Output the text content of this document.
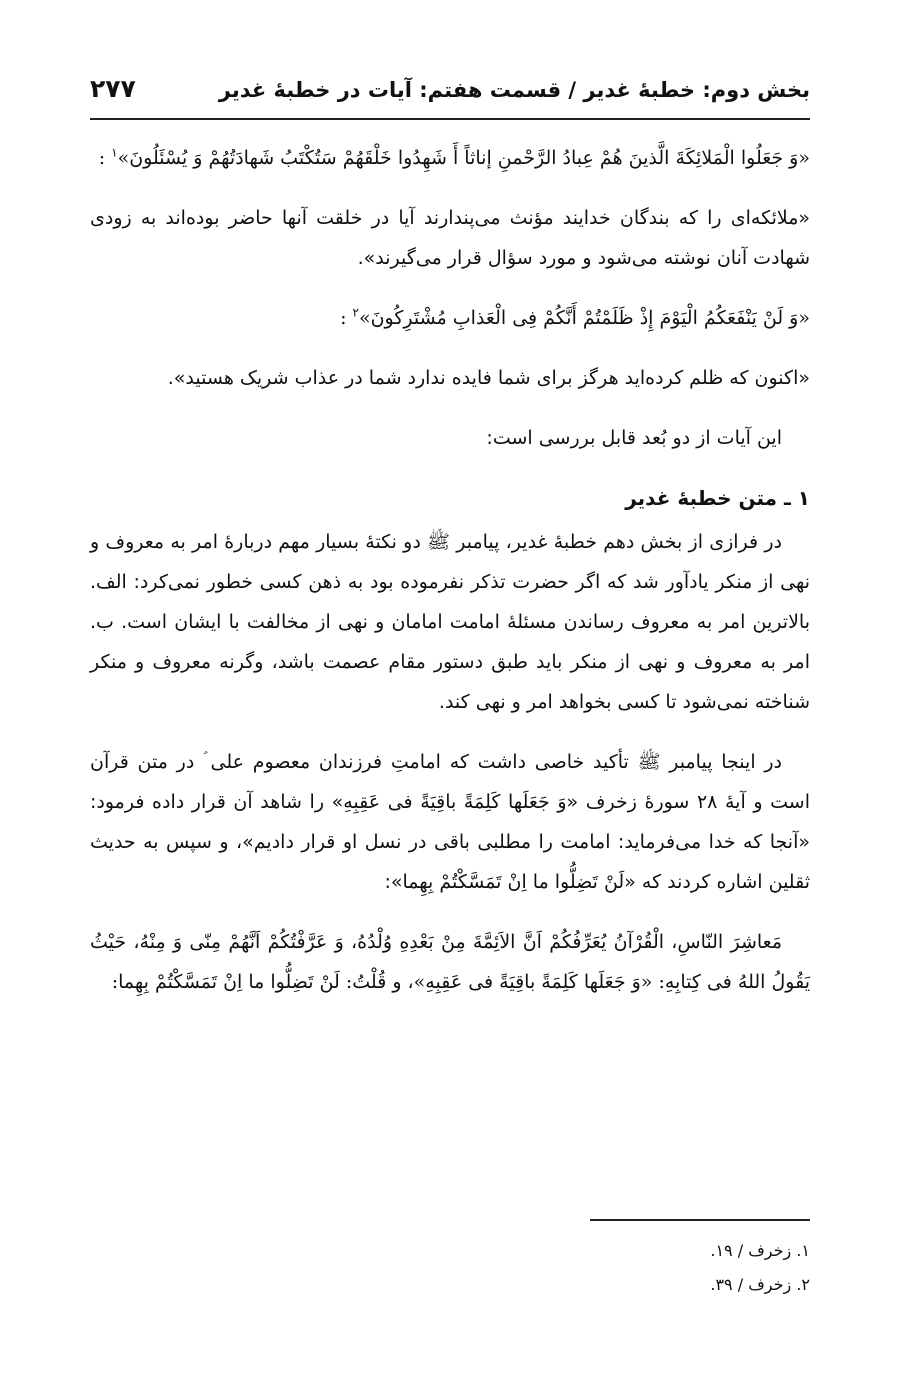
بخش دوم: خطبهٔ غدیر / قسمت هفتم: آیات در خطبهٔ غدیر
۲۷۷

«وَ جَعَلُوا الْمَلائِکَةَ الَّذینَ هُمْ عِبادُ الرَّحْمنِ إناثاً أَ شَهِدُوا خَلْقَهُمْ سَتُکْتَبُ شَهادَتُهُمْ وَ یُسْئَلُونَ»$^۱$ :

«ملائکه‌ای را که بندگان خدایند مؤنث می‌پندارند آیا در خلقت آنها حاضر بوده‌اند به زودی شهادت آنان نوشته می‌شود و مورد سؤال قرار می‌گیرند».

«وَ لَنْ یَنْفَعَکُمُ الْیَوْمَ إِذْ ظَلَمْتُمْ أَنَّکُمْ فِی الْعَذابِ مُشْتَرِکُونَ»$^۲$ :

«اکنون که ظلم کرده‌اید هرگز برای شما فایده ندارد شما در عذاب شریک هستید».

این آیات از دو بُعد قابل بررسی است:

۱ ـ متن خطبهٔ غدیر

در فرازی از بخش دهم خطبهٔ غدیر، پیامبر ﷺ دو نکتهٔ بسیار مهم دربارهٔ امر به معروف و نهی از منکر یادآور شد که اگر حضرت تذکر نفرموده بود به ذهن کسی خطور نمی‌کرد: الف. بالاترین امر به معروف رساندن مسئلهٔ امامت امامان و نهی از مخالفت با ایشان است. ب. امر به معروف و نهی از منکر باید طبق دستور مقام عصمت باشد، وگرنه معروف و منکر شناخته نمی‌شود تا کسی بخواهد امر و نهی کند.

در اینجا پیامبر ﷺ تأکید خاصی داشت که امامتِ فرزندان معصوم علی ؑ در متن قرآن است و آیهٔ ۲۸ سورهٔ زخرف «وَ جَعَلَها کَلِمَةً باقِیَةً فی عَقِبِهِ» را شاهد آن قرار داده فرمود: «آنجا که خدا می‌فرماید: امامت را مطلبی باقی در نسل او قرار دادیم»، و سپس به حدیث ثقلین اشاره کردند که «لَنْ تَضِلُّوا ما اِنْ تَمَسَّکْتُمْ بِهِما»:

مَعاشِرَ النّاسِ، الْقُرْآنُ یُعَرِّفُکُمْ اَنَّ الاَئِمَّةَ مِنْ بَعْدِهِ وُلْدُهُ، وَ عَرَّفْتُکُمْ اَنَّهُمْ مِنّی وَ مِنْهُ، حَیْثُ یَقُولُ اللهُ فی کِتابِهِ: «وَ جَعَلَها کَلِمَةً باقِیَةً فی عَقِبِهِ»، و قُلْتُ: لَنْ تَضِلُّوا ما اِنْ تَمَسَّکْتُمْ بِهِما:

۱. زخرف / ۱۹.
۲. زخرف / ۳۹.
